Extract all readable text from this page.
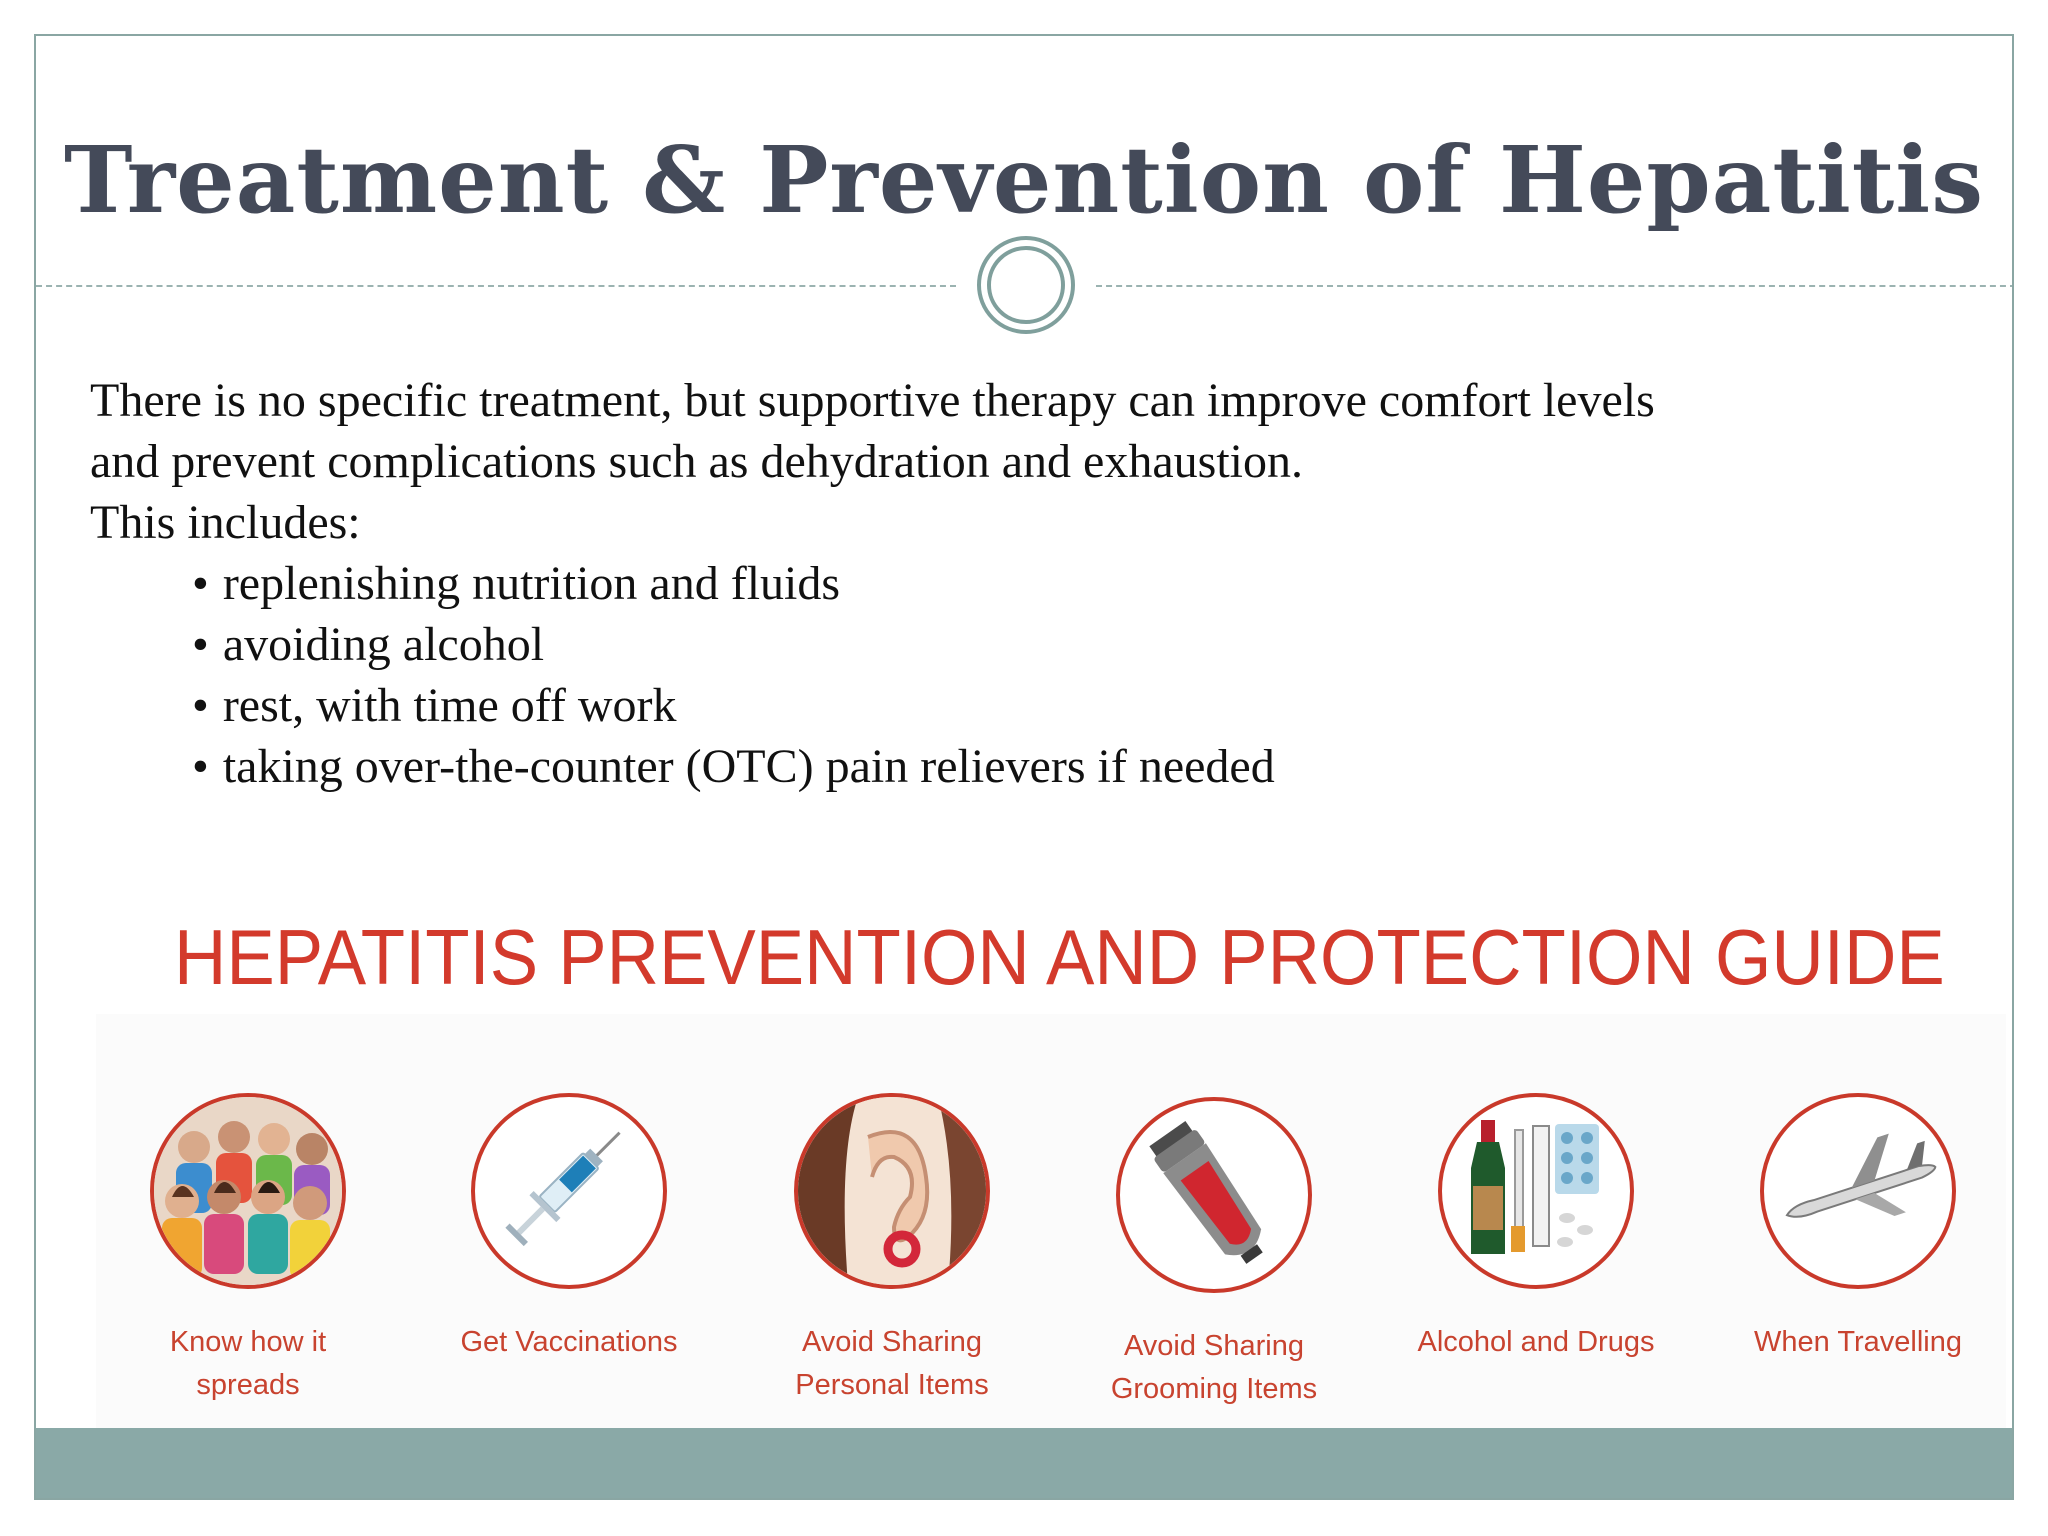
Treatment & Prevention of Hepatitis

There is no specific treatment, but supportive therapy can improve comfort levels

and prevent complications such as dehydration and exhaustion.

This includes:

• replenishing nutrition and fluids
• avoiding alcohol
• rest, with time off work
• taking over-the-counter (OTC) pain relievers if needed
HEPATITIS PREVENTION AND PROTECTION GUIDE
Know how it
spreads
Get Vaccinations	Avoid Sharing
Personal Items
Avoid Sharing
Grooming Items
Alcohol and Drugs	When Travelling
